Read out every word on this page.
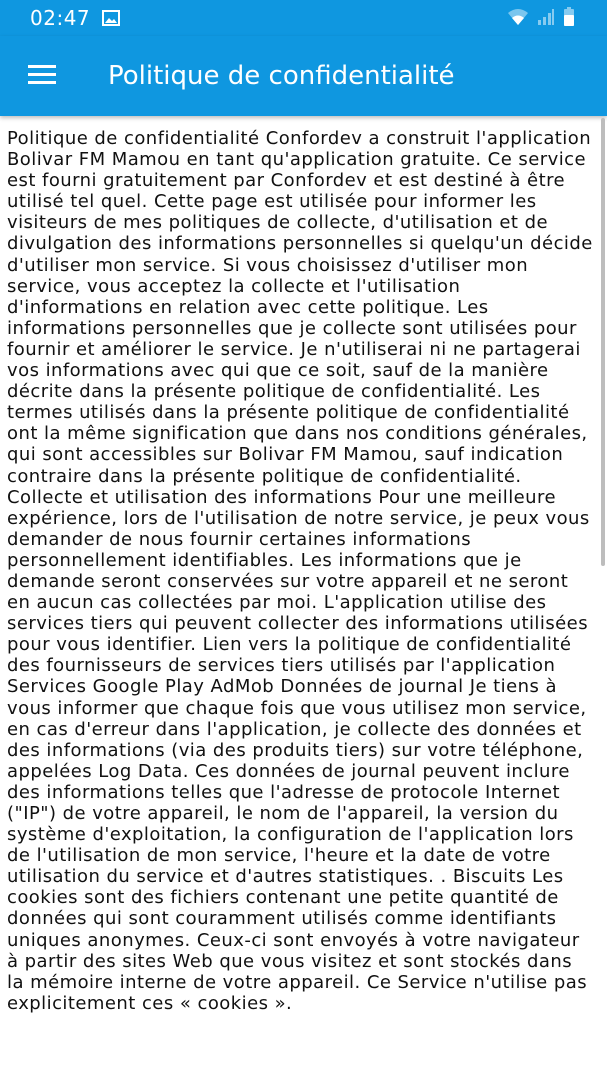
02:47
Politique de confidentialité

Politique de confidentialité Confordev a construit l'application Bolivar FM Mamou en tant qu'application gratuite. Ce service est fourni gratuitement par Confordev et est destiné à être utilisé tel quel. Cette page est utilisée pour informer les visiteurs de mes politiques de collecte, d'utilisation et de divulgation des informations personnelles si quelqu'un décide d'utiliser mon service. Si vous choisissez d'utiliser mon service, vous acceptez la collecte et l'utilisation d'informations en relation avec cette politique. Les informations personnelles que je collecte sont utilisées pour fournir et améliorer le service. Je n'utiliserai ni ne partagerai vos informations avec qui que ce soit, sauf de la manière décrite dans la présente politique de confidentialité. Les termes utilisés dans la présente politique de confidentialité ont la même signification que dans nos conditions générales, qui sont accessibles sur Bolivar FM Mamou, sauf indication contraire dans la présente politique de confidentialité. Collecte et utilisation des informations Pour une meilleure expérience, lors de l'utilisation de notre service, je peux vous demander de nous fournir certaines informations personnellement identifiables. Les informations que je demande seront conservées sur votre appareil et ne seront en aucun cas collectées par moi. L'application utilise des services tiers qui peuvent collecter des informations utilisées pour vous identifier. Lien vers la politique de confidentialité des fournisseurs de services tiers utilisés par l'application Services Google Play AdMob Données de journal Je tiens à vous informer que chaque fois que vous utilisez mon service, en cas d'erreur dans l'application, je collecte des données et des informations (via des produits tiers) sur votre téléphone, appelées Log Data. Ces données de journal peuvent inclure des informations telles que l'adresse de protocole Internet ("IP") de votre appareil, le nom de l'appareil, la version du système d'exploitation, la configuration de l'application lors de l'utilisation de mon service, l'heure et la date de votre utilisation du service et d'autres statistiques. . Biscuits Les cookies sont des fichiers contenant une petite quantité de données qui sont couramment utilisés comme identifiants uniques anonymes. Ceux-ci sont envoyés à votre navigateur à partir des sites Web que vous visitez et sont stockés dans la mémoire interne de votre appareil. Ce Service n'utilise pas explicitement ces « cookies ».
